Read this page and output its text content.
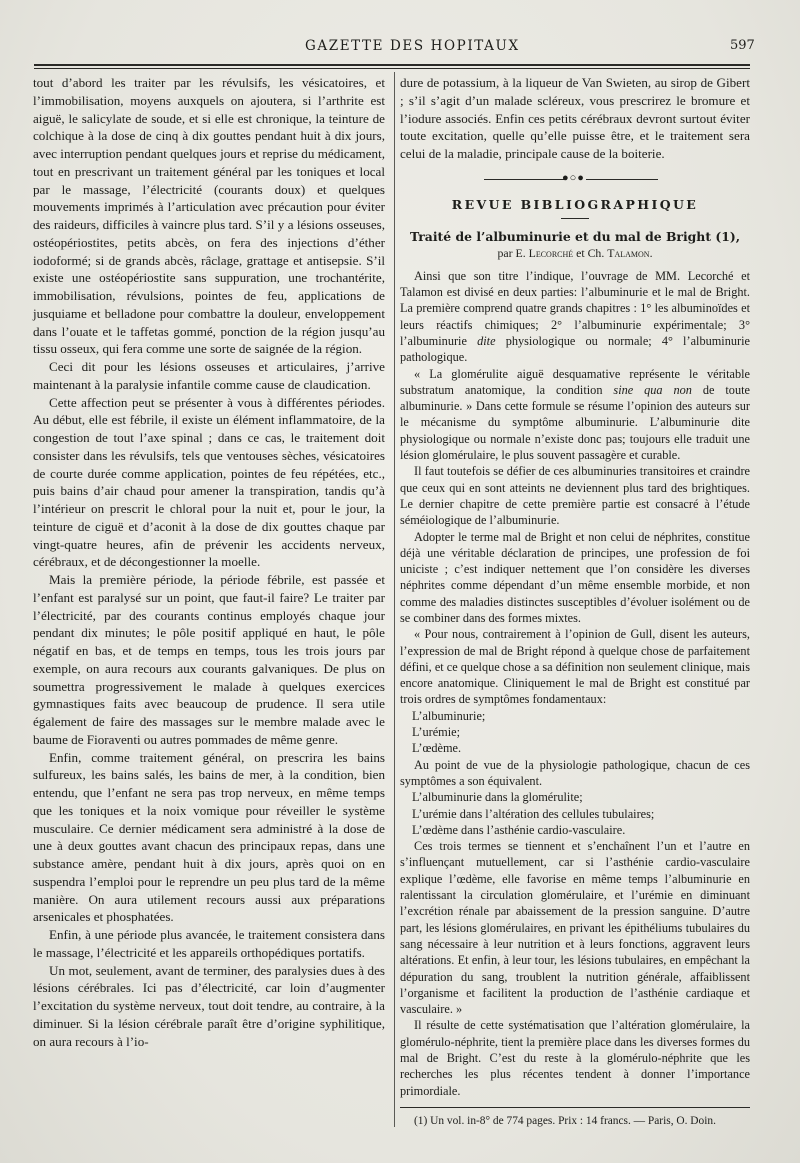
GAZETTE DES HOPITAUX	597

tout d’abord les traiter par les révulsifs, les vésicatoires, et l’immobilisation, moyens auxquels on ajoutera, si l’arthrite est aiguë, le salicylate de soude, et si elle est chronique, la teinture de colchique à la dose de cinq à dix gouttes pendant huit à dix jours, avec interruption pendant quelques jours et reprise du médicament, tout en prescrivant un traitement général par les toniques et local par le massage, l’électricité (courants doux) et quelques mouvements imprimés à l’articulation avec précaution pour éviter des raideurs, difficiles à vaincre plus tard. S’il y a lésions osseuses, ostéopériostites, petits abcès, on fera des injections d’éther iodoformé; si de grands abcès, râclage, grattage et antisepsie. S’il existe une ostéopériostite sans suppuration, une trochantérite, immobilisation, révulsions, pointes de feu, applications de jusquiame et belladone pour combattre la douleur, enveloppement dans l’ouate et le taffetas gommé, ponction de la région jusqu’au tissu osseux, qui fera comme une sorte de saignée de la région.

Ceci dit pour les lésions osseuses et articulaires, j’arrive maintenant à la paralysie infantile comme cause de claudication.

Cette affection peut se présenter à vous à différentes périodes. Au début, elle est fébrile, il existe un élément inflammatoire, de la congestion de tout l’axe spinal ; dans ce cas, le traitement doit consister dans les révulsifs, tels que ventouses sèches, vésicatoires de courte durée comme application, pointes de feu répétées, etc., puis bains d’air chaud pour amener la transpiration, tandis qu’à l’intérieur on prescrit le chloral pour la nuit et, pour le jour, la teinture de ciguë et d’aconit à la dose de dix gouttes chaque par vingt-quatre heures, afin de prévenir les accidents nerveux, cérébraux, et de décongestionner la moelle.

Mais la première période, la période fébrile, est passée et l’enfant est paralysé sur un point, que faut-il faire? Le traiter par l’électricité, par des courants continus employés chaque jour pendant dix minutes; le pôle positif appliqué en haut, le pôle négatif en bas, et de temps en temps, tous les trois jours par exemple, on aura recours aux courants galvaniques. De plus on soumettra progressivement le malade à quelques exercices gymnastiques faits avec beaucoup de prudence. Il sera utile également de faire des massages sur le membre malade avec le baume de Fioraventi ou autres pommades de même genre.

Enfin, comme traitement général, on prescrira les bains sulfureux, les bains salés, les bains de mer, à la condition, bien entendu, que l’enfant ne sera pas trop nerveux, en même temps que les toniques et la noix vomique pour réveiller le système musculaire. Ce dernier médicament sera administré à la dose de une à deux gouttes avant chacun des principaux repas, dans une substance amère, pendant huit à dix jours, après quoi on en suspendra l’emploi pour le reprendre un peu plus tard de la même manière. On aura utilement recours aussi aux préparations arsenicales et phosphatées.

Enfin, à une période plus avancée, le traitement consistera dans le massage, l’électricité et les appareils orthopédiques portatifs.

Un mot, seulement, avant de terminer, des paralysies dues à des lésions cérébrales. Ici pas d’électricité, car loin d’augmenter l’excitation du système nerveux, tout doit tendre, au contraire, à la diminuer. Si la lésion cérébrale paraît être d’origine syphilitique, on aura recours à l’io-

dure de potassium, à la liqueur de Van Swieten, au sirop de Gibert ; s’il s’agit d’un malade scléreux, vous prescrirez le bromure et l’iodure associés. Enfin ces petits cérébraux devront surtout éviter toute excitation, quelle qu’elle puisse être, et le traitement sera celui de la maladie, principale cause de la boiterie.

●○●
REVUE BIBLIOGRAPHIQUE
Traité de l’albuminurie et du mal de Bright (1),
par E. Lecorché et Ch. Talamon.

Ainsi que son titre l’indique, l’ouvrage de MM. Lecorché et Talamon est divisé en deux parties: l’albuminurie et le mal de Bright. La première comprend quatre grands chapitres : 1° les albuminoïdes et leurs réactifs chimiques; 2° l’albuminurie expérimentale; 3° l’albuminurie dite physiologique ou normale; 4° l’albuminurie pathologique.

« La glomérulite aiguë desquamative représente le véritable substratum anatomique, la condition sine qua non de toute albuminurie. » Dans cette formule se résume l’opinion des auteurs sur le mécanisme du symptôme albuminurie. L’albuminurie dite physiologique ou normale n’existe donc pas; toujours elle traduit une lésion glomérulaire, le plus souvent passagère et curable.

Il faut toutefois se défier de ces albuminuries transitoires et craindre que ceux qui en sont atteints ne deviennent plus tard des brightiques. Le dernier chapitre de cette première partie est consacré à l’étude séméiologique de l’albuminurie.

Adopter le terme mal de Bright et non celui de néphrites, constitue déjà une véritable déclaration de principes, une profession de foi uniciste ; c’est indiquer nettement que l’on considère les diverses néphrites comme dépendant d’un même ensemble morbide, et non comme des maladies distinctes susceptibles d’évoluer isolément ou de se combiner dans des formes mixtes.

« Pour nous, contrairement à l’opinion de Gull, disent les auteurs, l’expression de mal de Bright répond à quelque chose de parfaitement défini, et ce quelque chose a sa définition non seulement clinique, mais encore anatomique. Cliniquement le mal de Bright est constitué par trois ordres de symptômes fondamentaux:

L’albuminurie;

L’urémie;

L’œdème.

Au point de vue de la physiologie pathologique, chacun de ces symptômes a son équivalent.

L’albuminurie dans la glomérulite;

L’urémie dans l’altération des cellules tubulaires;

L’œdème dans l’asthénie cardio-vasculaire.

Ces trois termes se tiennent et s’enchaînent l’un et l’autre en s’influençant mutuellement, car si l’asthénie cardio-vasculaire explique l’œdème, elle favorise en même temps l’albuminurie en ralentissant la circulation glomérulaire, et l’urémie en diminuant l’excrétion rénale par abaissement de la pression sanguine. D’autre part, les lésions glomérulaires, en privant les épithéliums tubulaires du sang nécessaire à leur nutrition et à leurs fonctions, aggravent leurs altérations. Et enfin, à leur tour, les lésions tubulaires, en empêchant la dépuration du sang, troublent la nutrition générale, affaiblissent l’organisme et facilitent la production de l’asthénie cardiaque et vasculaire. »

Il résulte de cette systématisation que l’altération glomérulaire, la glomérulo-néphrite, tient la première place dans les diverses formes du mal de Bright. C’est du reste à la glomérulo-néphrite que les recherches les plus récentes tendent à donner l’importance primordiale.

(1) Un vol. in-8° de 774 pages. Prix : 14 francs. — Paris, O. Doin.
